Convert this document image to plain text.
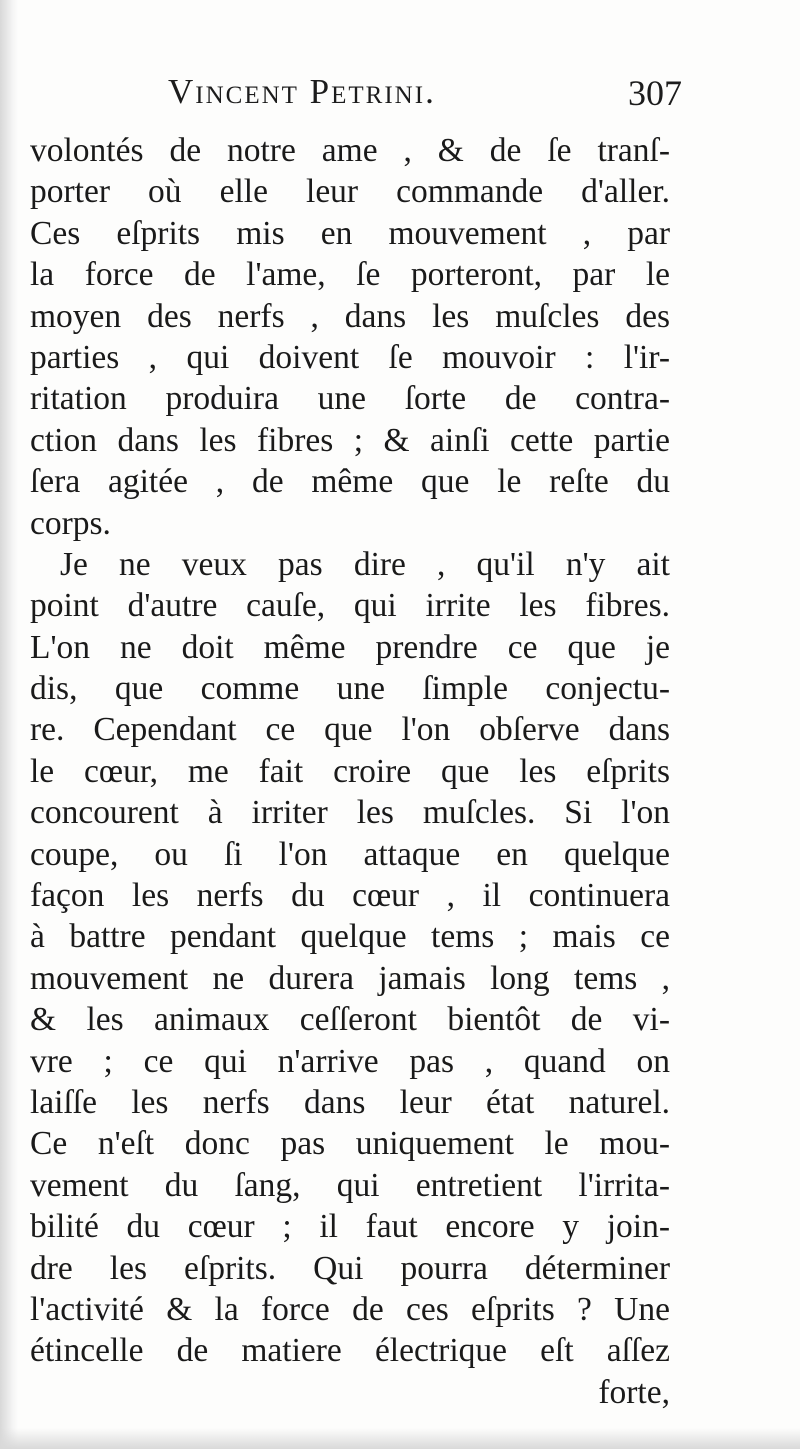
Vincent Petrini.	307
volontés de notre ame , & de ſe tranſ-
porter où elle leur commande d'aller.
Ces eſprits mis en mouvement , par
la force de l'ame, ſe porteront, par le
moyen des nerfs , dans les muſcles des
parties , qui doivent ſe mouvoir : l'ir-
ritation produira une ſorte de contra-
ction dans les fibres ; & ainſi cette partie
ſera agitée , de même que le reſte du
corps.
Je ne veux pas dire , qu'il n'y ait
point d'autre cauſe, qui irrite les fibres.
L'on ne doit même prendre ce que je
dis, que comme une ſimple conjectu-
re. Cependant ce que l'on obſerve dans
le cœur, me fait croire que les eſprits
concourent à irriter les muſcles. Si l'on
coupe, ou ſi l'on attaque en quelque
façon les nerfs du cœur , il continuera
à battre pendant quelque tems ; mais ce
mouvement ne durera jamais long tems ,
& les animaux ceſſeront bientôt de vi-
vre ; ce qui n'arrive pas , quand on
laiſſe les nerfs dans leur état naturel.
Ce n'eſt donc pas uniquement le mou-
vement du ſang, qui entretient l'irrita-
bilité du cœur ; il faut encore y join-
dre les eſprits. Qui pourra déterminer
l'activité & la force de ces eſprits ? Une
étincelle de matiere électrique eſt aſſez
forte,
